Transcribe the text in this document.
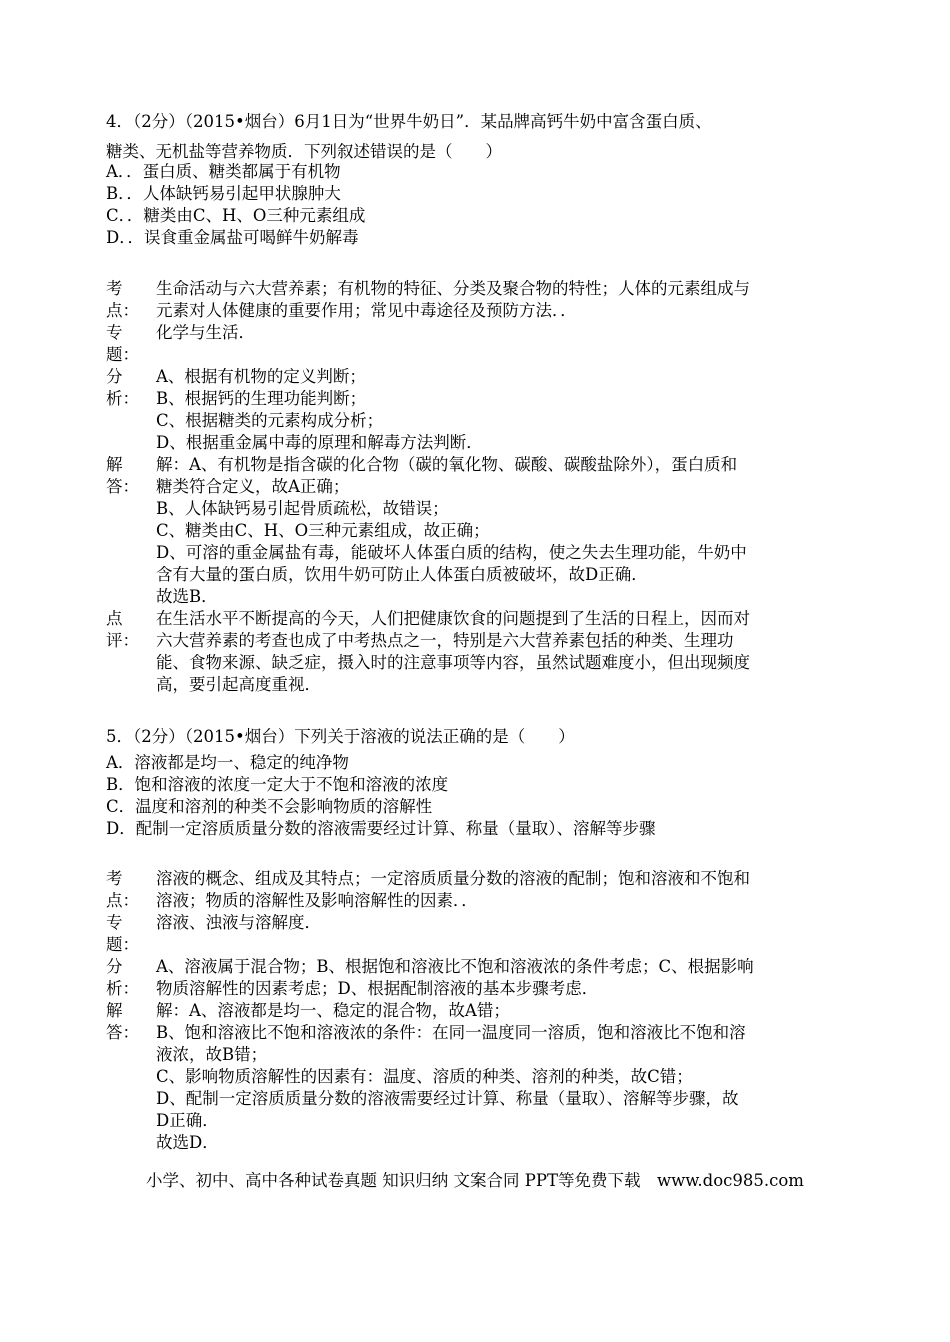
4．（2分）（2015•烟台）6月1日为“世界牛奶日”．某品牌高钙牛奶中富含蛋白质、
糖类、无机盐等营养物质．下列叙述错误的是（　　）
A．．蛋白质、糖类都属于有机物
B．．人体缺钙易引起甲状腺肿大
C．．糖类由C、H、O三种元素组成
D．．误食重金属盐可喝鲜牛奶解毒
考
点：
生命活动与六大营养素；有机物的特征、分类及聚合物的特性；人体的元素组成与
元素对人体健康的重要作用；常见中毒途径及预防方法．．
专
题：
化学与生活．
分
析：
A、根据有机物的定义判断；
B、根据钙的生理功能判断；
C、根据糖类的元素构成分析；
D、根据重金属中毒的原理和解毒方法判断．
解
答：
解：A、有机物是指含碳的化合物（碳的氧化物、碳酸、碳酸盐除外），蛋白质和
糖类符合定义，故A正确；
B、人体缺钙易引起骨质疏松，故错误；
C、糖类由C、H、O三种元素组成，故正确；
D、可溶的重金属盐有毒，能破坏人体蛋白质的结构，使之失去生理功能，牛奶中
含有大量的蛋白质，饮用牛奶可防止人体蛋白质被破坏，故D正确．
故选B．
点
评：
在生活水平不断提高的今天，人们把健康饮食的问题提到了生活的日程上，因而对
六大营养素的考查也成了中考热点之一，特别是六大营养素包括的种类、生理功
能、食物来源、缺乏症，摄入时的注意事项等内容，虽然试题难度小，但出现频度
高，要引起高度重视．
5．（2分）（2015•烟台）下列关于溶液的说法正确的是（　　）
A．溶液都是均一、稳定的纯净物
B．饱和溶液的浓度一定大于不饱和溶液的浓度
C．温度和溶剂的种类不会影响物质的溶解性
D．配制一定溶质质量分数的溶液需要经过计算、称量（量取）、溶解等步骤
考
点：
溶液的概念、组成及其特点；一定溶质质量分数的溶液的配制；饱和溶液和不饱和
溶液；物质的溶解性及影响溶解性的因素．．
专
题：
溶液、浊液与溶解度．
分
析：
A、溶液属于混合物；B、根据饱和溶液比不饱和溶液浓的条件考虑；C、根据影响
物质溶解性的因素考虑；D、根据配制溶液的基本步骤考虑．
解
答：
解：A、溶液都是均一、稳定的混合物，故A错；
B、饱和溶液比不饱和溶液浓的条件：在同一温度同一溶质，饱和溶液比不饱和溶
液浓，故B错；
C、影响物质溶解性的因素有：温度、溶质的种类、溶剂的种类，故C错；
D、配制一定溶质质量分数的溶液需要经过计算、称量（量取）、溶解等步骤，故
D正确．
故选D．
小学、初中、高中各种试卷真题 知识归纳 文案合同 PPT等免费下载　www.doc985.com
